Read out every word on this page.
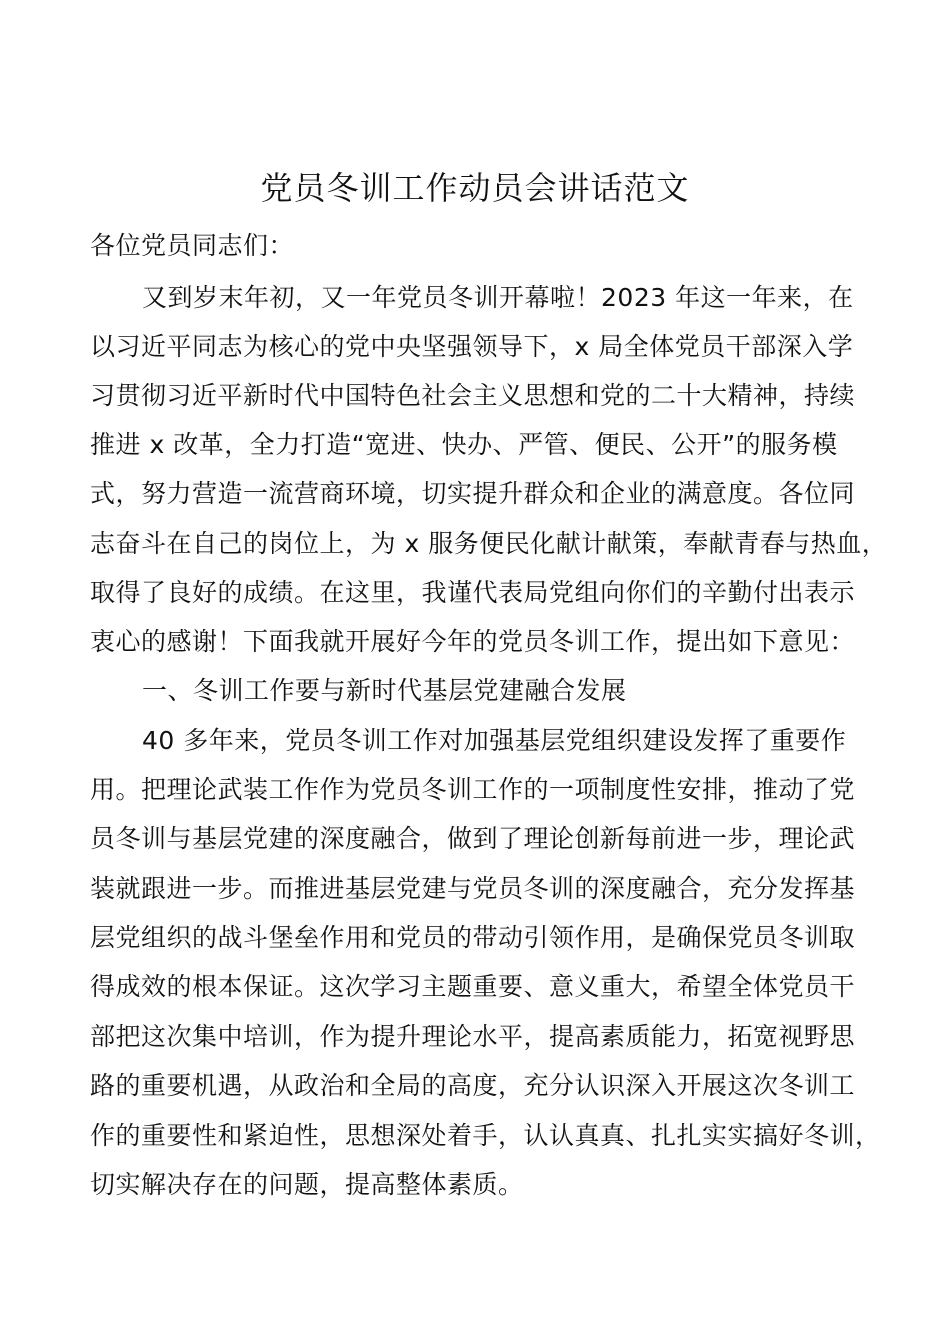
党员冬训工作动员会讲话范文
各位党员同志们：
又到岁末年初，又一年党员冬训开幕啦！2023 年这一年来，在
以习近平同志为核心的党中央坚强领导下，x 局全体党员干部深入学
习贯彻习近平新时代中国特色社会主义思想和党的二十大精神，持续
推进 x 改革，全力打造“宽进、快办、严管、便民、公开”的服务模
式，努力营造一流营商环境，切实提升群众和企业的满意度。各位同
志奋斗在自己的岗位上，为 x 服务便民化献计献策，奉献青春与热血，
取得了良好的成绩。在这里，我谨代表局党组向你们的辛勤付出表示
衷心的感谢！下面我就开展好今年的党员冬训工作，提出如下意见：
一、冬训工作要与新时代基层党建融合发展
40 多年来，党员冬训工作对加强基层党组织建设发挥了重要作
用。把理论武装工作作为党员冬训工作的一项制度性安排，推动了党
员冬训与基层党建的深度融合，做到了理论创新每前进一步，理论武
装就跟进一步。而推进基层党建与党员冬训的深度融合，充分发挥基
层党组织的战斗堡垒作用和党员的带动引领作用，是确保党员冬训取
得成效的根本保证。这次学习主题重要、意义重大，希望全体党员干
部把这次集中培训，作为提升理论水平，提高素质能力，拓宽视野思
路的重要机遇，从政治和全局的高度，充分认识深入开展这次冬训工
作的重要性和紧迫性，思想深处着手，认认真真、扎扎实实搞好冬训，
切实解决存在的问题，提高整体素质。
